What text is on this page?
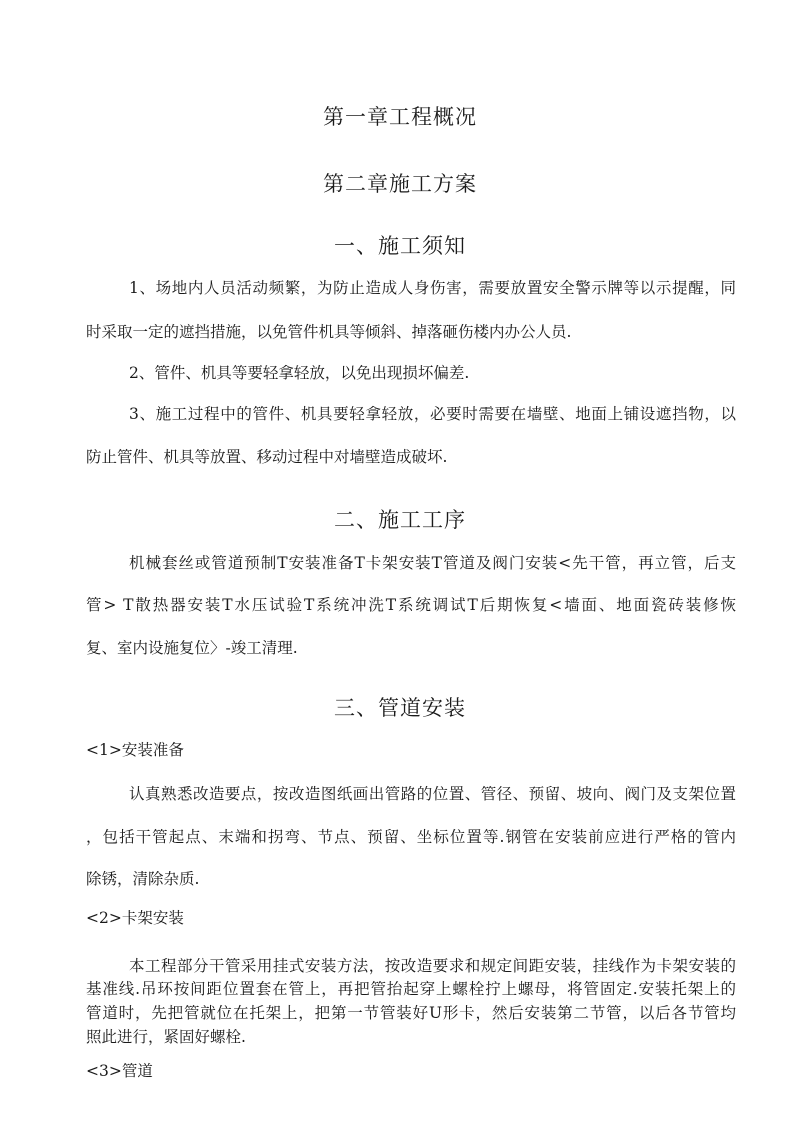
第一章工程概况
第二章施工方案
一、施工须知
1、场地内人员活动频繁，为防止造成人身伤害，需要放置安全警示牌等以示提醒，同
时采取一定的遮挡措施，以免管件机具等倾斜、掉落砸伤楼内办公人员.
2、管件、机具等要轻拿轻放，以免出现损坏偏差.
3、施工过程中的管件、机具要轻拿轻放，必要时需要在墙壁、地面上铺设遮挡物，以
防止管件、机具等放置、移动过程中对墙壁造成破坏.
二、施工工序
机械套丝或管道预制T安装准备T卡架安装T管道及阀门安装<先干管，再立管，后支
管> T散热器安装T水压试验T系统冲洗T系统调试T后期恢复<墙面、地面瓷砖装修恢
复、室内设施复位〉-竣工清理.
三、管道安装
<1>安装准备
认真熟悉改造要点，按改造图纸画出管路的位置、管径、预留、坡向、阀门及支架位置
，包括干管起点、末端和拐弯、节点、预留、坐标位置等.钢管在安装前应进行严格的管内
除锈，清除杂质.
<2>卡架安装
本工程部分干管采用挂式安装方法，按改造要求和规定间距安装，挂线作为卡架安装的
基准线.吊环按间距位置套在管上，再把管抬起穿上螺栓拧上螺母，将管固定.安装托架上的
管道时，先把管就位在托架上，把第一节管装好U形卡，然后安装第二节管，以后各节管均
照此进行，紧固好螺栓.
<3>管道
